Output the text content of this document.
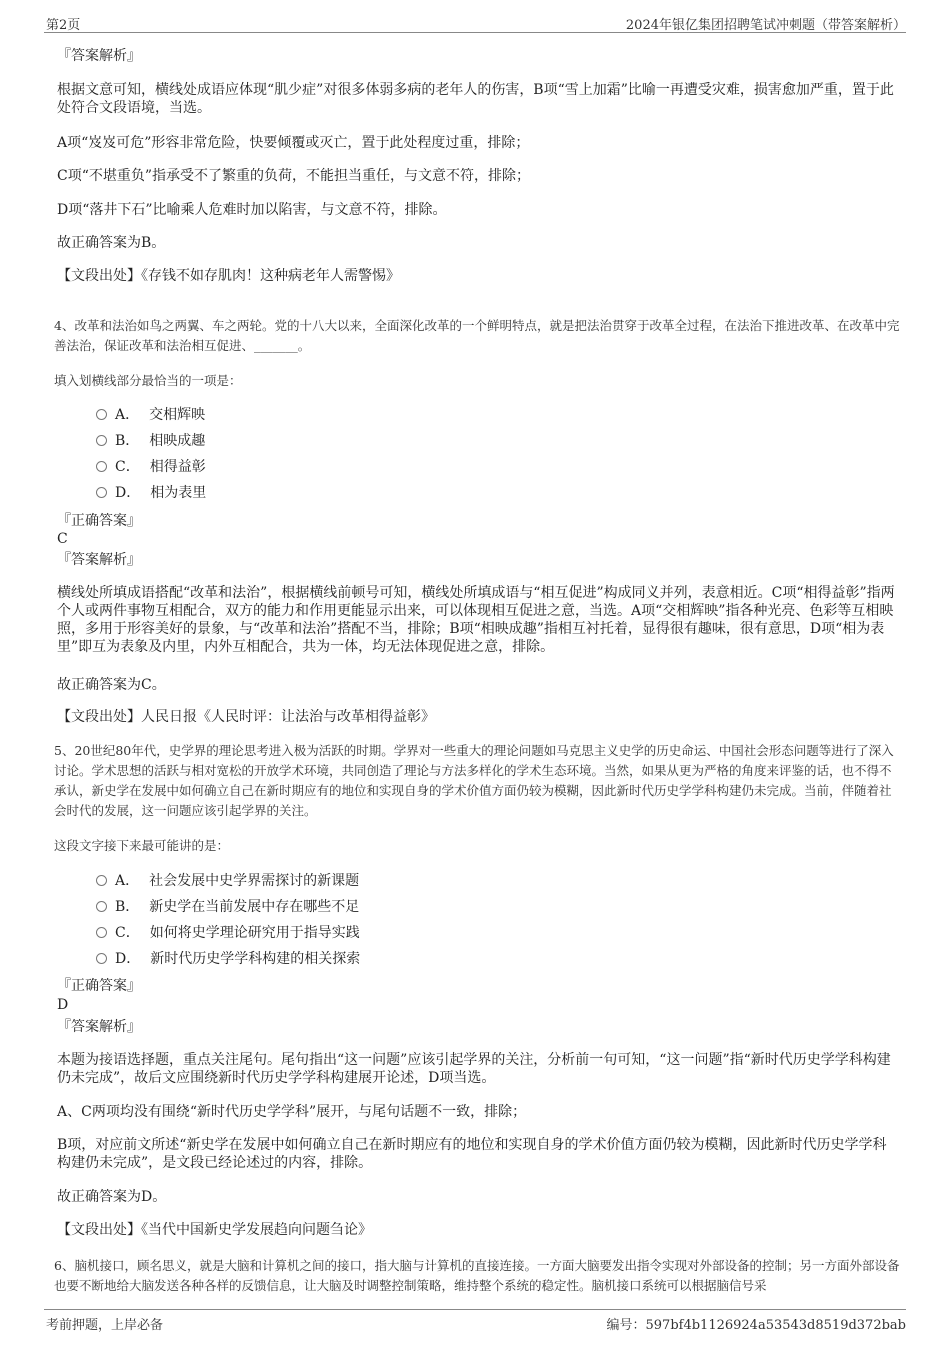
第2页	2024年银亿集团招聘笔试冲刺题（带答案解析）
『答案解析』

根据文意可知，横线处成语应体现“肌少症”对很多体弱多病的老年人的伤害，B项“雪上加霜”比喻一再遭受灾难，损害愈加严重，置于此处符合文段语境，当选。

A项“岌岌可危”形容非常危险，快要倾覆或灭亡，置于此处程度过重，排除；

C项“不堪重负”指承受不了繁重的负荷，不能担当重任，与文意不符，排除；

D项“落井下石”比喻乘人危难时加以陷害，与文意不符，排除。

故正确答案为B。

【文段出处】《存钱不如存肌肉！这种病老年人需警惕》

4、改革和法治如鸟之两翼、车之两轮。党的十八大以来，全面深化改革的一个鲜明特点，就是把法治贯穿于改革全过程，在法治下推进改革、在改革中完善法治，保证改革和法治相互促进、_______。

填入划横线部分最恰当的一项是：
A． 交相辉映
B． 相映成趣
C． 相得益彰
D． 相为表里
『正确答案』
C
『答案解析』

横线处所填成语搭配“改革和法治”，根据横线前顿号可知，横线处所填成语与“相互促进”构成同义并列，表意相近。C项“相得益彰”指两个人或两件事物互相配合，双方的能力和作用更能显示出来，可以体现相互促进之意，当选。A项“交相辉映”指各种光亮、色彩等互相映照，多用于形容美好的景象，与“改革和法治”搭配不当，排除；B项“相映成趣”指相互衬托着，显得很有趣味，很有意思，D项“相为表里”即互为表象及内里，内外互相配合，共为一体，均无法体现促进之意，排除。

故正确答案为C。

【文段出处】人民日报《人民时评：让法治与改革相得益彰》

5、20世纪80年代，史学界的理论思考进入极为活跃的时期。学界对一些重大的理论问题如马克思主义史学的历史命运、中国社会形态问题等进行了深入讨论。学术思想的活跃与相对宽松的开放学术环境，共同创造了理论与方法多样化的学术生态环境。当然，如果从更为严格的角度来评鉴的话，也不得不承认，新史学在发展中如何确立自己在新时期应有的地位和实现自身的学术价值方面仍较为模糊，因此新时代历史学学科构建仍未完成。当前，伴随着社会时代的发展，这一问题应该引起学界的关注。

这段文字接下来最可能讲的是：
A． 社会发展中史学界需探讨的新课题
B． 新史学在当前发展中存在哪些不足
C． 如何将史学理论研究用于指导实践
D． 新时代历史学学科构建的相关探索
『正确答案』
D
『答案解析』

本题为接语选择题，重点关注尾句。尾句指出“这一问题”应该引起学界的关注，分析前一句可知，“这一问题”指“新时代历史学学科构建仍未完成”，故后文应围绕新时代历史学学科构建展开论述，D项当选。

A、C两项均没有围绕“新时代历史学学科”展开，与尾句话题不一致，排除；

B项，对应前文所述“新史学在发展中如何确立自己在新时期应有的地位和实现自身的学术价值方面仍较为模糊，因此新时代历史学学科构建仍未完成”，是文段已经论述过的内容，排除。

故正确答案为D。

【文段出处】《当代中国新史学发展趋向问题刍论》

6、脑机接口，顾名思义，就是大脑和计算机之间的接口，指大脑与计算机的直接连接。一方面大脑要发出指令实现对外部设备的控制；另一方面外部设备也要不断地给大脑发送各种各样的反馈信息，让大脑及时调整控制策略，维持整个系统的稳定性。脑机接口系统可以根据脑信号采

考前押题，上岸必备	编号：597bf4b1126924a53543d8519d372bab
